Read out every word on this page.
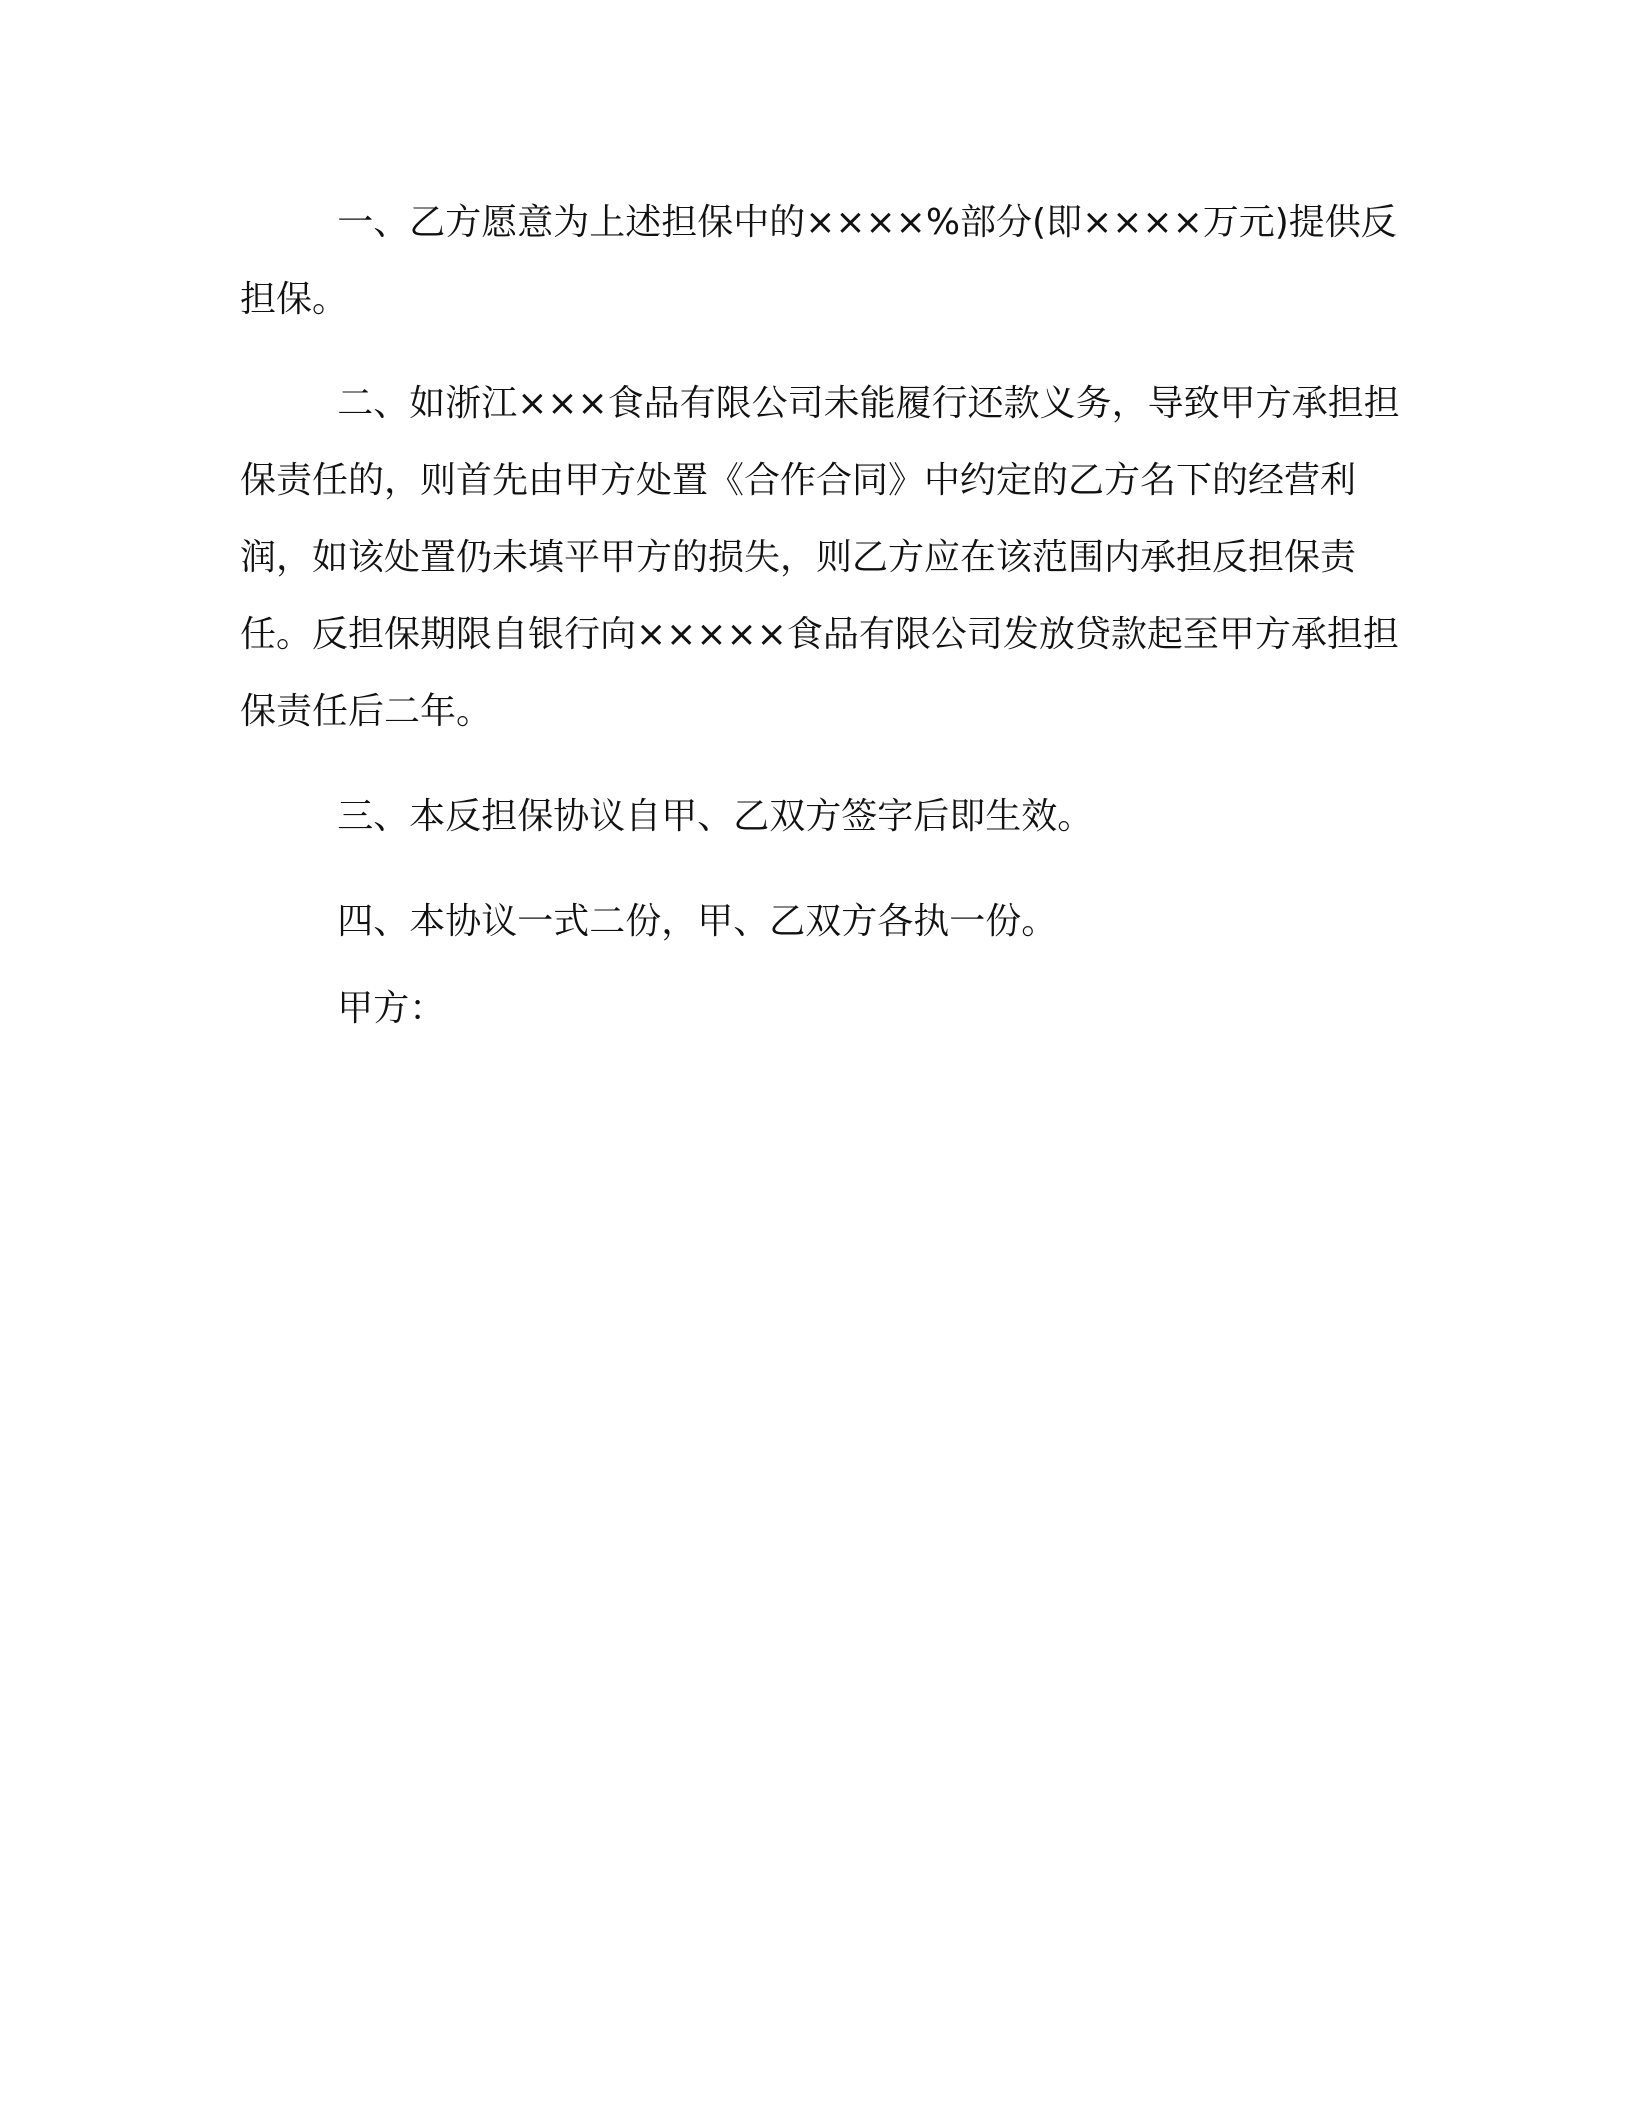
一、乙方愿意为上述担保中的××××%部分(即××××万元)提供反担保。

二、如浙江×××食品有限公司未能履行还款义务，导致甲方承担担保责任的，则首先由甲方处置《合作合同》中约定的乙方名下的经营利润，如该处置仍未填平甲方的损失，则乙方应在该范围内承担反担保责任。反担保期限自银行向×××××食品有限公司发放贷款起至甲方承担担保责任后二年。

三、本反担保协议自甲、乙双方签字后即生效。

四、本协议一式二份，甲、乙双方各执一份。

甲方：
